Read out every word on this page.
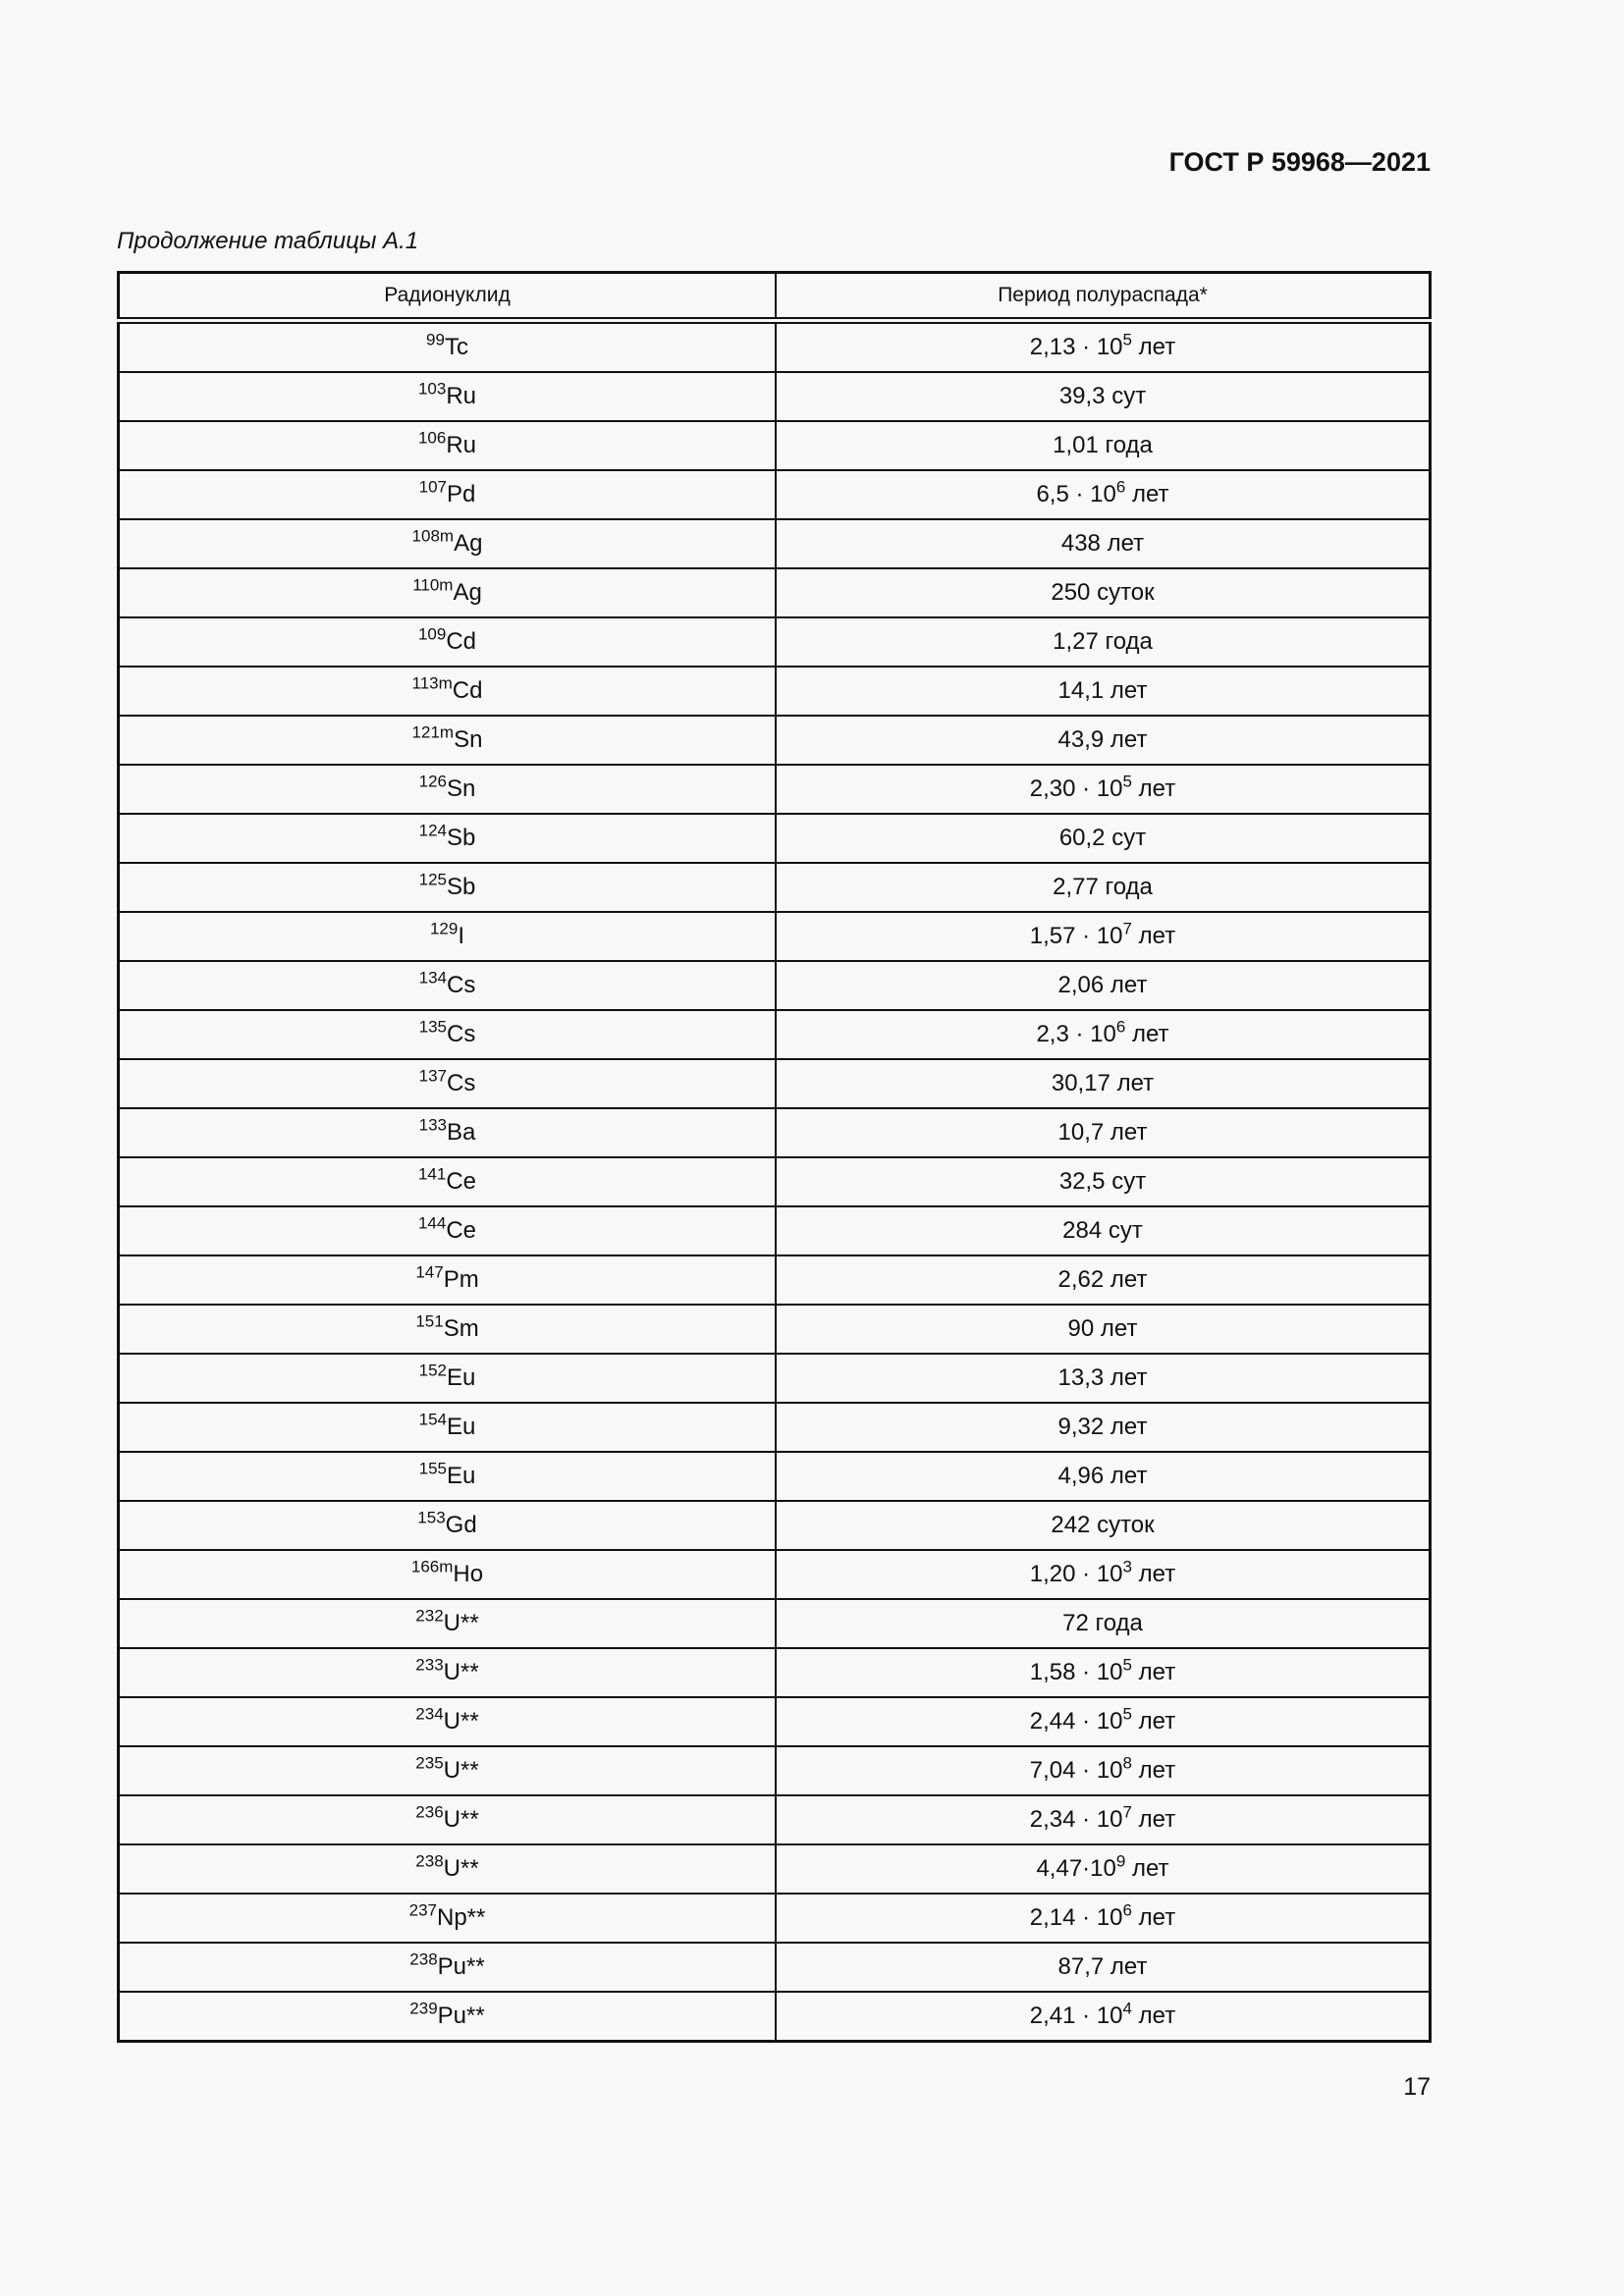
ГОСТ Р 59968—2021
Продолжение таблицы А.1
Радионуклид	Период полураспада*
$^{99}$Tc	$2,13 \cdot 10^5$ лет
$^{103}$Ru	39,3 сут
$^{106}$Ru	1,01 года
$^{107}$Pd	$6,5 \cdot 10^6$ лет
$^{108m}$Ag	438 лет
$^{110m}$Ag	250 суток
$^{109}$Cd	1,27 года
$^{113m}$Cd	14,1 лет
$^{121m}$Sn	43,9 лет
$^{126}$Sn	$2,30 \cdot 10^5$ лет
$^{124}$Sb	60,2 сут
$^{125}$Sb	2,77 года
$^{129}$I	$1,57 \cdot 10^7$ лет
$^{134}$Cs	2,06 лет
$^{135}$Cs	$2,3 \cdot 10^6$ лет
$^{137}$Cs	30,17 лет
$^{133}$Ba	10,7 лет
$^{141}$Ce	32,5 сут
$^{144}$Ce	284 сут
$^{147}$Pm	2,62 лет
$^{151}$Sm	90 лет
$^{152}$Eu	13,3 лет
$^{154}$Eu	9,32 лет
$^{155}$Eu	4,96 лет
$^{153}$Gd	242 суток
$^{166m}$Ho	$1,20 \cdot 10^3$ лет
$^{232}$U**	72 года
$^{233}$U**	$1,58 \cdot 10^5$ лет
$^{234}$U**	$2,44 \cdot 10^5$ лет
$^{235}$U**	$7,04 \cdot 10^8$ лет
$^{236}$U**	$2,34 \cdot 10^7$ лет
$^{238}$U**	$4,47\cdot 10^9$ лет
$^{237}$Np**	$2,14 \cdot 10^6$ лет
$^{238}$Pu**	87,7 лет
$^{239}$Pu**	$2,41 \cdot 10^4$ лет
17
